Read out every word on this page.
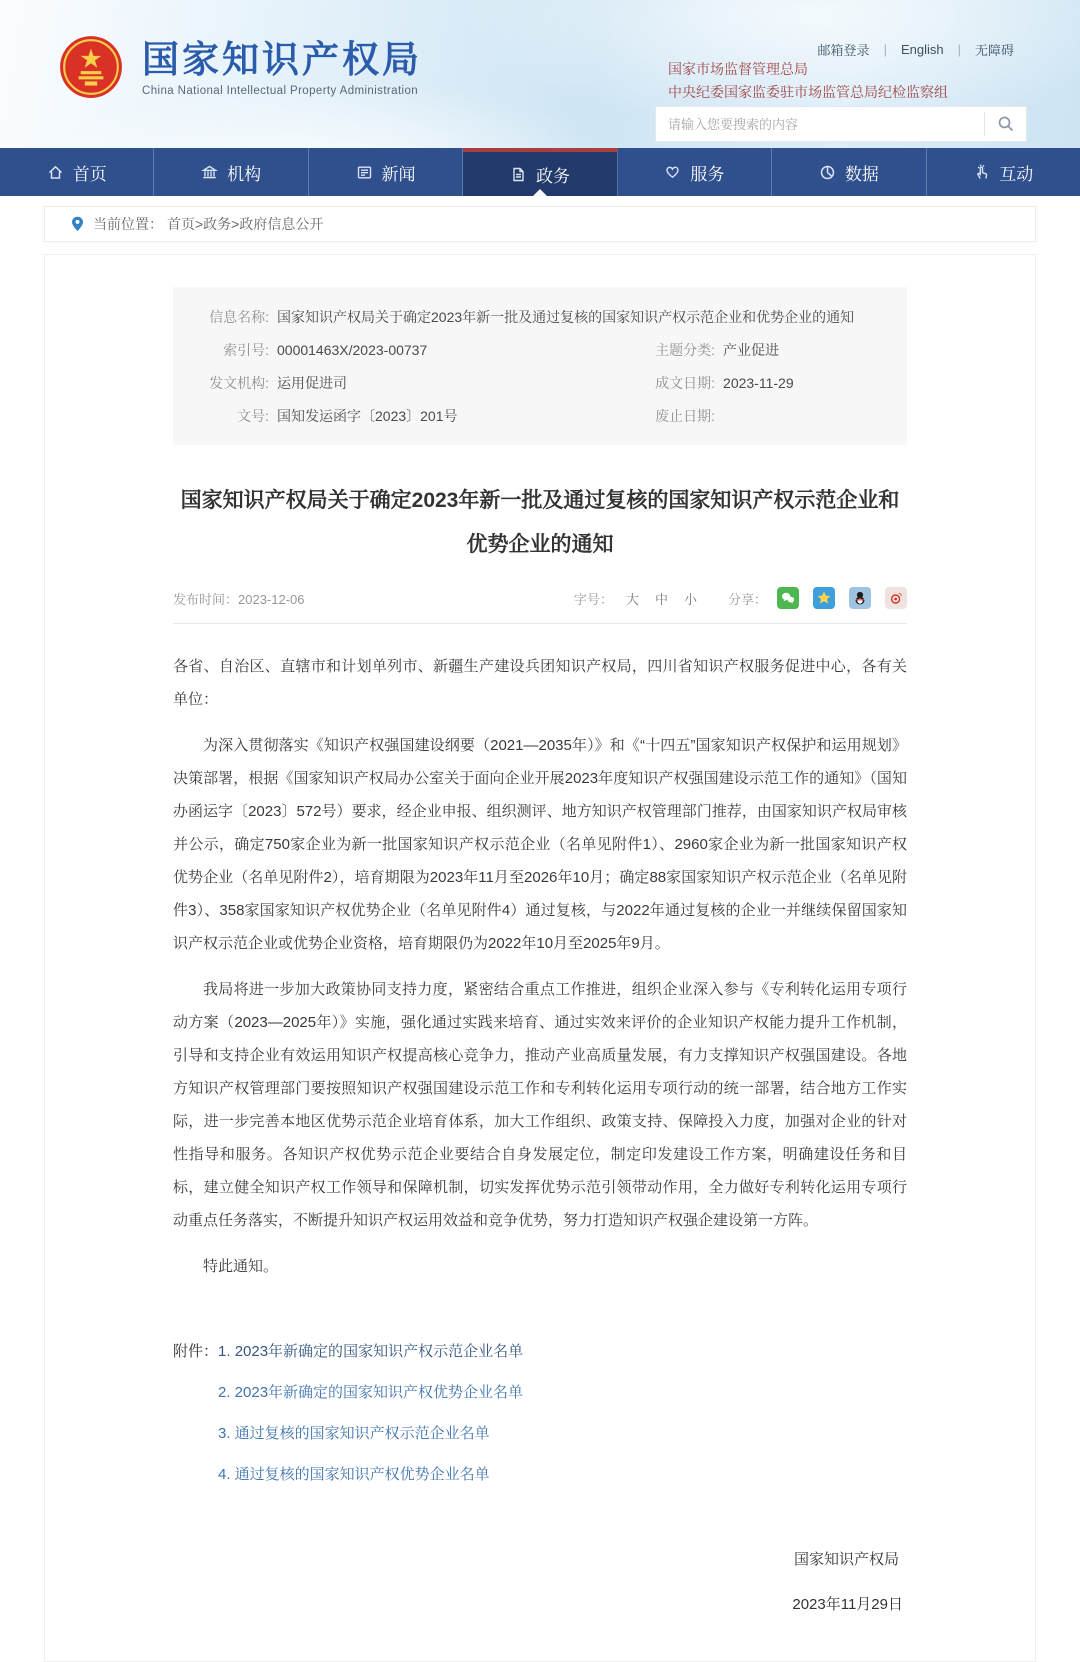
国家知识产权局
China National Intellectual Property Administration
邮箱登录	|	English	|	无障碍
国家市场监督管理总局
中央纪委国家监委驻市场监管总局纪检监察组
请输入您要搜索的内容
首页	机构	新闻	政务	服务	数据	互动
当前位置： 首页>政务>政府信息公开
信息名称: 国家知识产权局关于确定2023年新一批及通过复核的国家知识产权示范企业和优势企业的通知
索引号: 00001463X/2023-00737	主题分类: 产业促进
发文机构: 运用促进司	成文日期: 2023-11-29
文号: 国知发运函字〔2023〕201号	废止日期:
国家知识产权局关于确定2023年新一批及通过复核的国家知识产权示范企业和优势企业的通知
发布时间：2023-12-06	字号： 大 中 小 分享：

各省、自治区、直辖市和计划单列市、新疆生产建设兵团知识产权局，四川省知识产权服务促进中心，各有关单位：

为深入贯彻落实《知识产权强国建设纲要（2021—2035年）》和《“十四五”国家知识产权保护和运用规划》决策部署，根据《国家知识产权局办公室关于面向企业开展2023年度知识产权强国建设示范工作的通知》（国知办函运字〔2023〕572号）要求，经企业申报、组织测评、地方知识产权管理部门推荐，由国家知识产权局审核并公示，确定750家企业为新一批国家知识产权示范企业（名单见附件1）、2960家企业为新一批国家知识产权优势企业（名单见附件2），培育期限为2023年11月至2026年10月；确定88家国家知识产权示范企业（名单见附件3）、358家国家知识产权优势企业（名单见附件4）通过复核，与2022年通过复核的企业一并继续保留国家知识产权示范企业或优势企业资格，培育期限仍为2022年10月至2025年9月。

我局将进一步加大政策协同支持力度，紧密结合重点工作推进，组织企业深入参与《专利转化运用专项行动方案（2023—2025年）》实施，强化通过实践来培育、通过实效来评价的企业知识产权能力提升工作机制，引导和支持企业有效运用知识产权提高核心竞争力，推动产业高质量发展，有力支撑知识产权强国建设。各地方知识产权管理部门要按照知识产权强国建设示范工作和专利转化运用专项行动的统一部署，结合地方工作实际，进一步完善本地区优势示范企业培育体系，加大工作组织、政策支持、保障投入力度，加强对企业的针对性指导和服务。各知识产权优势示范企业要结合自身发展定位，制定印发建设工作方案，明确建设任务和目标，建立健全知识产权工作领导和保障机制，切实发挥优势示范引领带动作用，全力做好专利转化运用专项行动重点任务落实，不断提升知识产权运用效益和竞争优势，努力打造知识产权强企建设第一方阵。

特此通知。

附件：1. 2023年新确定的国家知识产权示范企业名单
2. 2023年新确定的国家知识产权优势企业名单
3. 通过复核的国家知识产权示范企业名单
4. 通过复核的国家知识产权优势企业名单
国家知识产权局
2023年11月29日
